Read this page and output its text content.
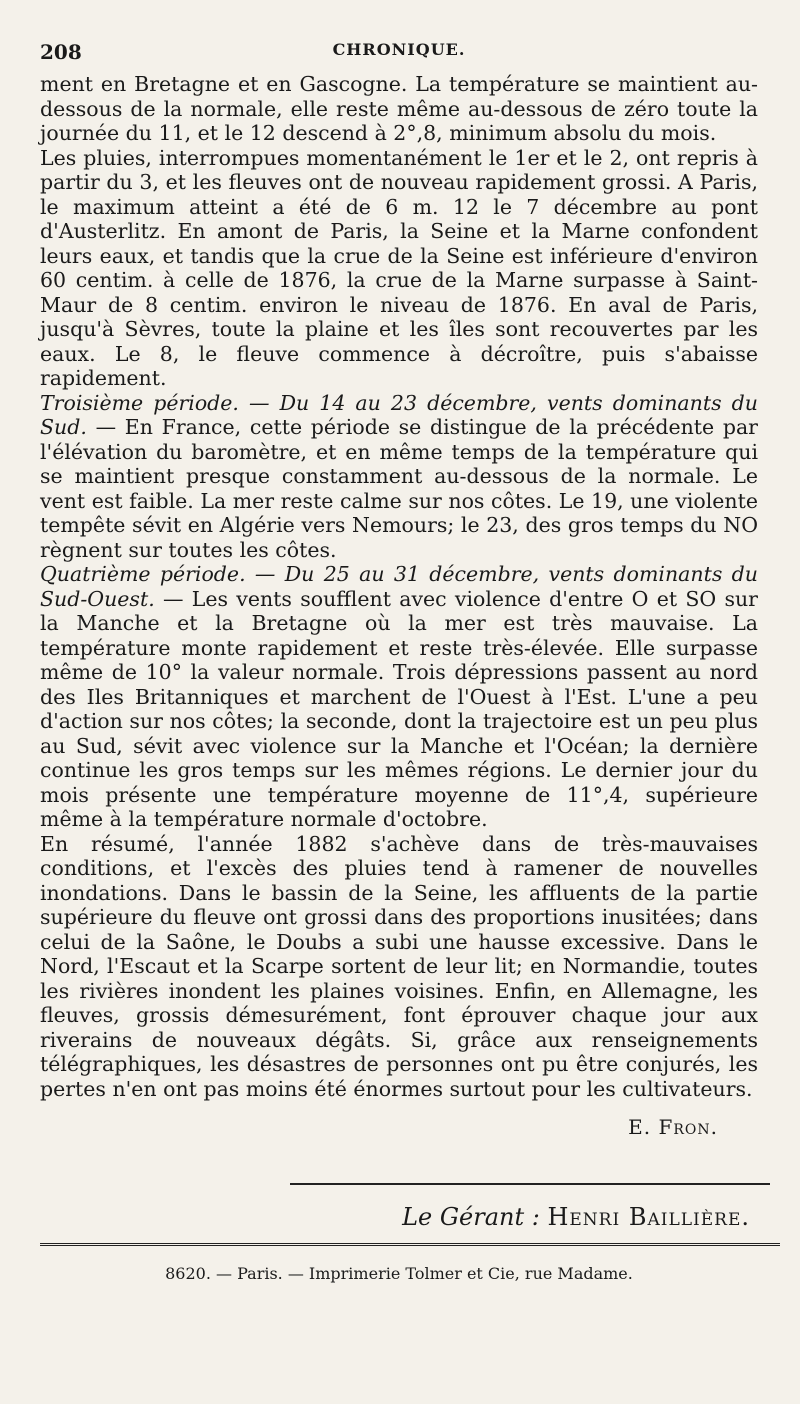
208	CHRONIQUE.

ment en Bretagne et en Gascogne. La température se maintient au-dessous de la normale, elle reste même au-dessous de zéro toute la journée du 11, et le 12 descend à 2°,8, minimum absolu du mois.

Les pluies, interrompues momentanément le 1er et le 2, ont repris à partir du 3, et les fleuves ont de nouveau rapidement grossi. A Paris, le maximum atteint a été de 6 m. 12 le 7 décembre au pont d'Austerlitz. En amont de Paris, la Seine et la Marne confondent leurs eaux, et tandis que la crue de la Seine est inférieure d'environ 60 centim. à celle de 1876, la crue de la Marne surpasse à Saint-Maur de 8 centim. environ le niveau de 1876. En aval de Paris, jusqu'à Sèvres, toute la plaine et les îles sont recouvertes par les eaux. Le 8, le fleuve commence à décroître, puis s'abaisse rapidement.

Troisième période. — Du 14 au 23 décembre, vents dominants du Sud. — En France, cette période se distingue de la précédente par l'élévation du baromètre, et en même temps de la température qui se maintient presque constamment au-dessous de la normale. Le vent est faible. La mer reste calme sur nos côtes. Le 19, une violente tempête sévit en Algérie vers Nemours; le 23, des gros temps du NO règnent sur toutes les côtes.

Quatrième période. — Du 25 au 31 décembre, vents dominants du Sud-Ouest. — Les vents soufflent avec violence d'entre O et SO sur la Manche et la Bretagne où la mer est très mauvaise. La température monte rapidement et reste très-élevée. Elle surpasse même de 10° la valeur normale. Trois dépressions passent au nord des Iles Britanniques et marchent de l'Ouest à l'Est. L'une a peu d'action sur nos côtes; la seconde, dont la trajectoire est un peu plus au Sud, sévit avec violence sur la Manche et l'Océan; la dernière continue les gros temps sur les mêmes régions. Le dernier jour du mois présente une température moyenne de 11°,4, supérieure même à la température normale d'octobre.

En résumé, l'année 1882 s'achève dans de très-mauvaises conditions, et l'excès des pluies tend à ramener de nouvelles inondations. Dans le bassin de la Seine, les affluents de la partie supérieure du fleuve ont grossi dans des proportions inusitées; dans celui de la Saône, le Doubs a subi une hausse excessive. Dans le Nord, l'Escaut et la Scarpe sortent de leur lit; en Normandie, toutes les rivières inondent les plaines voisines. Enfin, en Allemagne, les fleuves, grossis démesurément, font éprouver chaque jour aux riverains de nouveaux dégâts. Si, grâce aux renseignements télégraphiques, les désastres de personnes ont pu être conjurés, les pertes n'en ont pas moins été énormes surtout pour les cultivateurs.

E. Fron.
Le Gérant : Henri Baillière.
8620. — Paris. — Imprimerie Tolmer et Cie, rue Madame.
